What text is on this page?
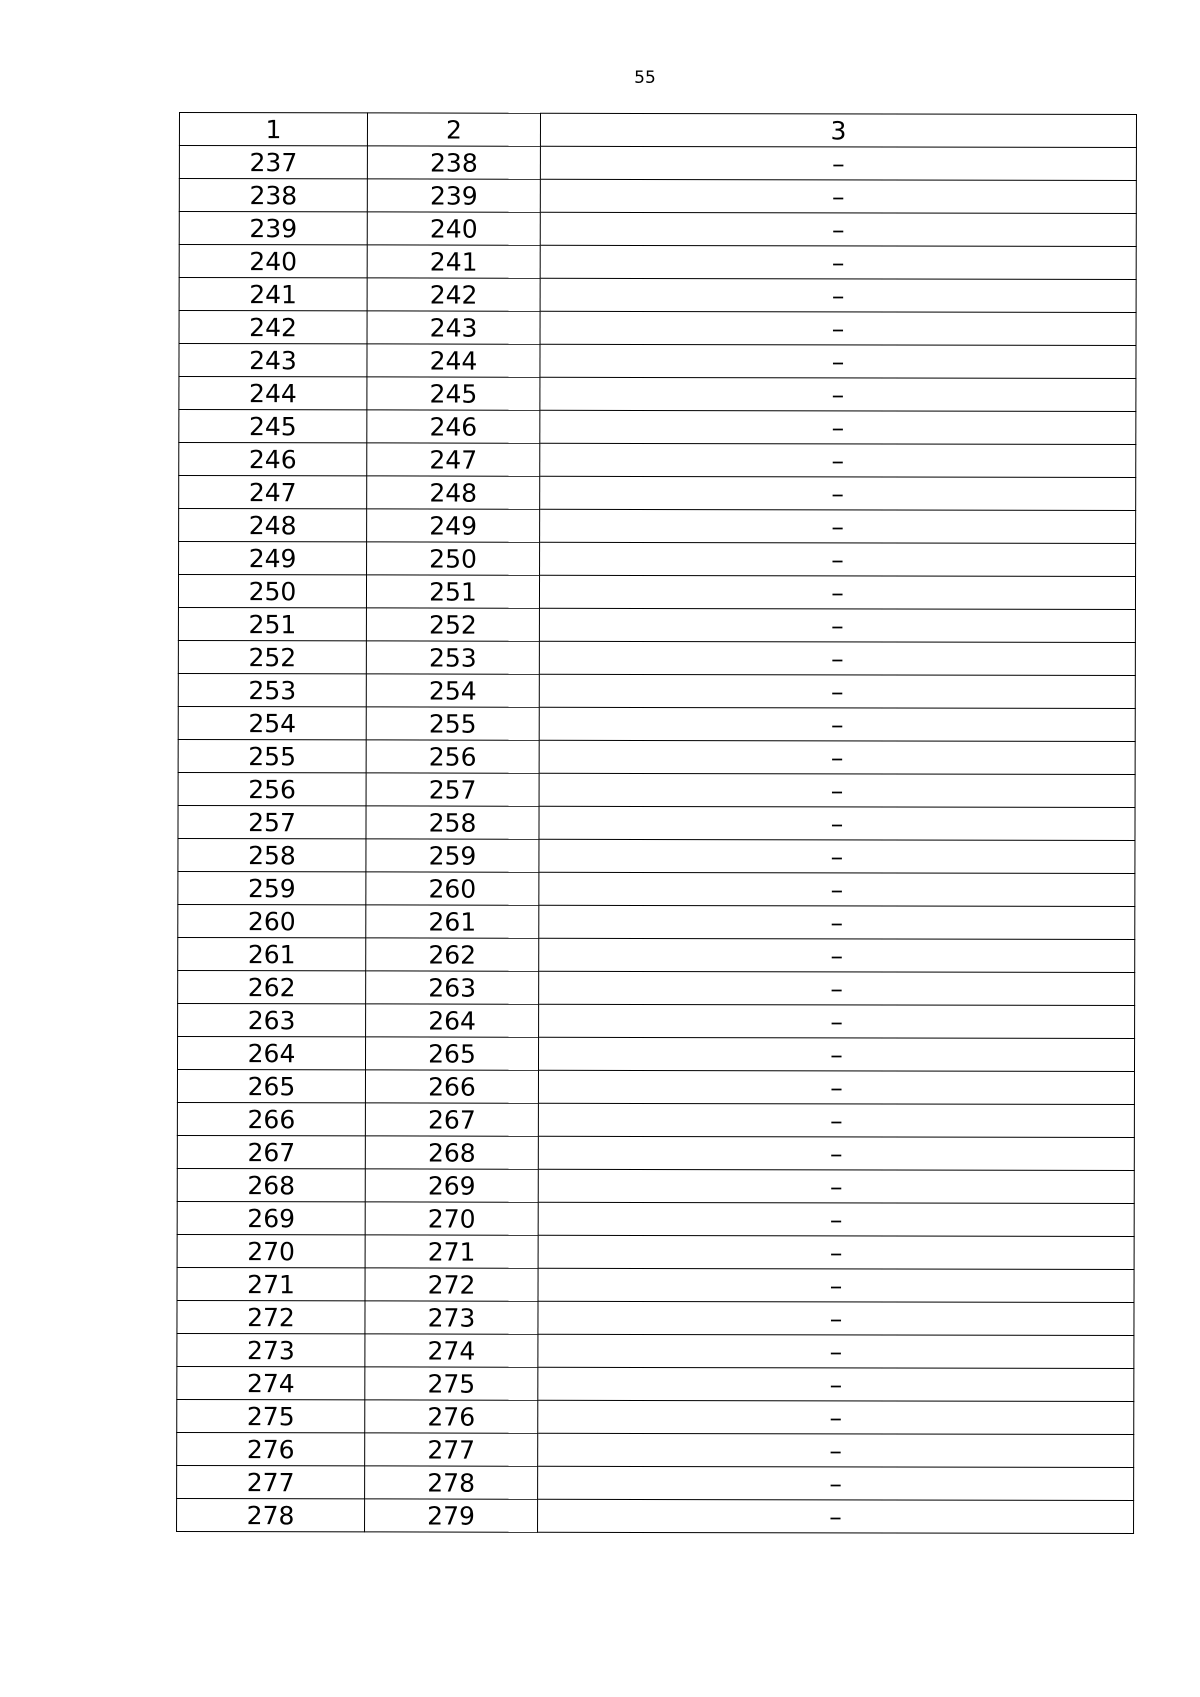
55
1	2	3
237	238	–
238	239	–
239	240	–
240	241	–
241	242	–
242	243	–
243	244	–
244	245	–
245	246	–
246	247	–
247	248	–
248	249	–
249	250	–
250	251	–
251	252	–
252	253	–
253	254	–
254	255	–
255	256	–
256	257	–
257	258	–
258	259	–
259	260	–
260	261	–
261	262	–
262	263	–
263	264	–
264	265	–
265	266	–
266	267	–
267	268	–
268	269	–
269	270	–
270	271	–
271	272	–
272	273	–
273	274	–
274	275	–
275	276	–
276	277	–
277	278	–
278	279	–
